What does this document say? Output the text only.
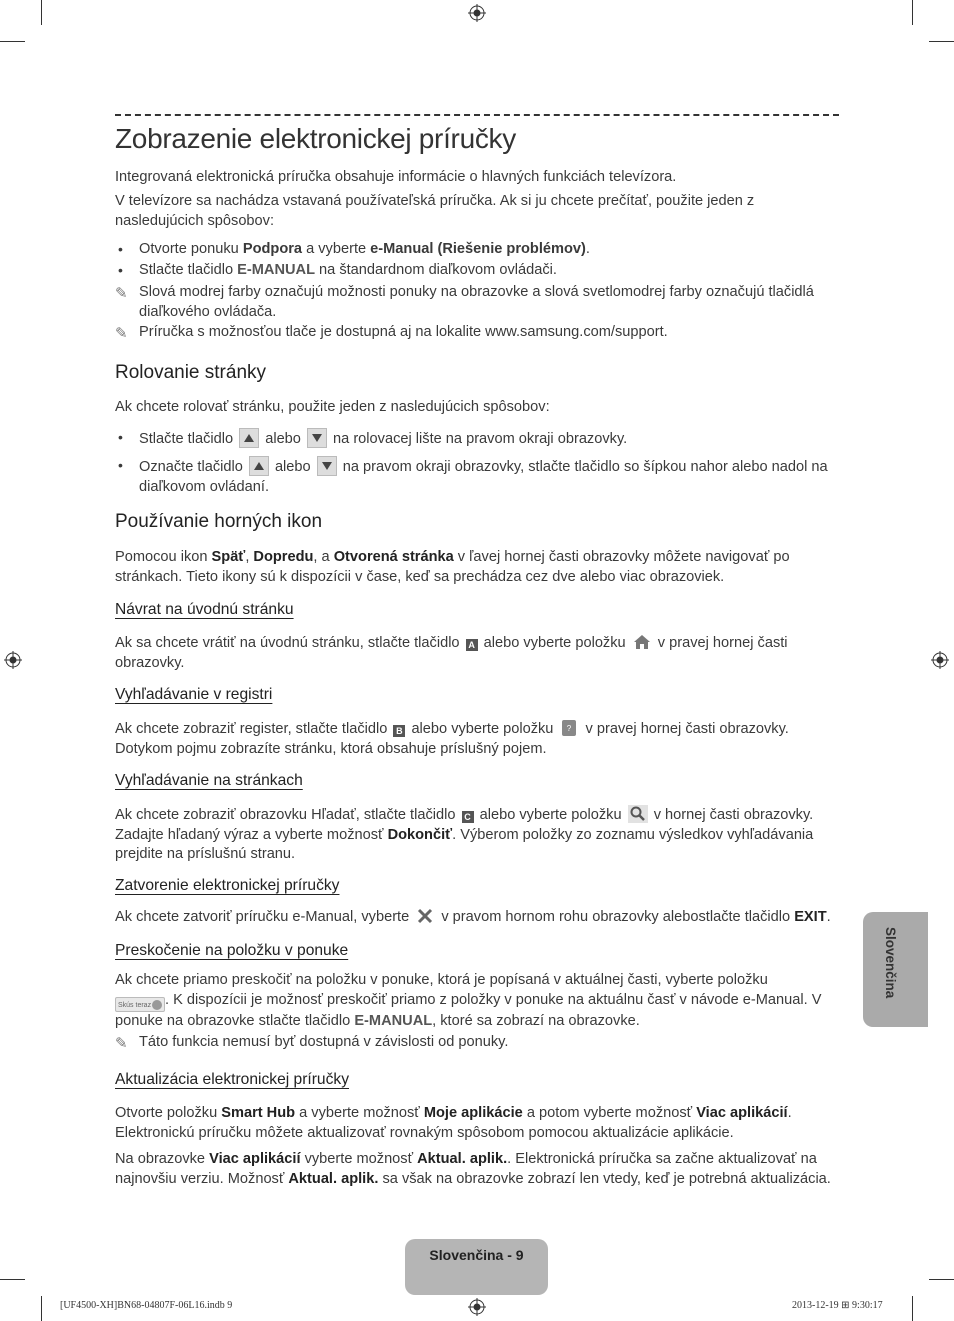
Zobrazenie elektronickej príručky
Integrovaná elektronická príručka obsahuje informácie o hlavných funkciách televízora.
V televízore sa nachádza vstavaná používateľská príručka. Ak si ju chcete prečítať, použite jeden z nasledujúcich spôsobov:
• Otvorte ponuku Podpora a vyberte e-Manual (Riešenie problémov).
• Stlačte tlačidlo E-MANUAL na štandardnom diaľkovom ovládači.
✎ Slová modrej farby označujú možnosti ponuky na obrazovke a slová svetlomodrej farby označujú tlačidlá diaľkového ovládača.
✎ Príručka s možnosťou tlače je dostupná aj na lokalite www.samsung.com/support.
Rolovanie stránky
Ak chcete rolovať stránku, použite jeden z nasledujúcich spôsobov:
• Stlačte tlačidlo
alebo
na rolovacej lište na pravom okraji obrazovky.
• Označte tlačidlo
alebo
na pravom okraji obrazovky, stlačte tlačidlo so šípkou nahor alebo nadol na diaľkovom ovládaní.
Používanie horných ikon
Pomocou ikon Späť, Dopredu, a Otvorená stránka v ľavej hornej časti obrazovky môžete navigovať po stránkach. Tieto ikony sú k dispozícii v čase, keď sa prechádza cez dve alebo viac obrazoviek.
Návrat na úvodnú stránku
Ak sa chcete vrátiť na úvodnú stránku, stlačte tlačidlo A alebo vyberte položku  v pravej hornej časti obrazovky.
Vyhľadávanie v registri
Ak chcete zobraziť register, stlačte tlačidlo B alebo vyberte položku ? v pravej hornej časti obrazovky. Dotykom pojmu zobrazíte stránku, ktorá obsahuje príslušný pojem.
Vyhľadávanie na stránkach
Ak chcete zobraziť obrazovku Hľadať, stlačte tlačidlo C alebo vyberte položku  v hornej časti obrazovky. Zadajte hľadaný výraz a vyberte možnosť Dokončiť. Výberom položky zo zoznamu výsledkov vyhľadávania prejdite na príslušnú stranu.
Zatvorenie elektronickej príručky
Ak chcete zatvoriť príručku e-Manual, vyberte  v pravom hornom rohu obrazovky alebostlačte tlačidlo EXIT.
Preskočenie na položku v ponuke
Ak chcete priamo preskočiť na položku v ponuke, ktorá je popísaná v aktuálnej časti, vyberte položku
Skús teraz . K dispozícii je možnosť preskočiť priamo z položky v ponuke na aktuálnu časť v návode e-Manual. V ponuke na obrazovke stlačte tlačidlo E-MANUAL, ktoré sa zobrazí na obrazovke.
✎ Táto funkcia nemusí byť dostupná v závislosti od ponuky.
Aktualizácia elektronickej príručky
Otvorte položku Smart Hub a vyberte možnosť Moje aplikácie a potom vyberte možnosť Viac aplikácií. Elektronickú príručku môžete aktualizovať rovnakým spôsobom pomocou aktualizácie aplikácie.
Na obrazovke Viac aplikácií vyberte možnosť Aktual. aplik.. Elektronická príručka sa začne aktualizovať na najnovšiu verziu. Možnosť Aktual. aplik. sa však na obrazovke zobrazí len vtedy, keď je potrebná aktualizácia.
Slovenčina
Slovenčina - 9
[UF4500-XH]BN68-04807F-06L16.indb 9	2013-12-19 ⊞ 9:30:17
